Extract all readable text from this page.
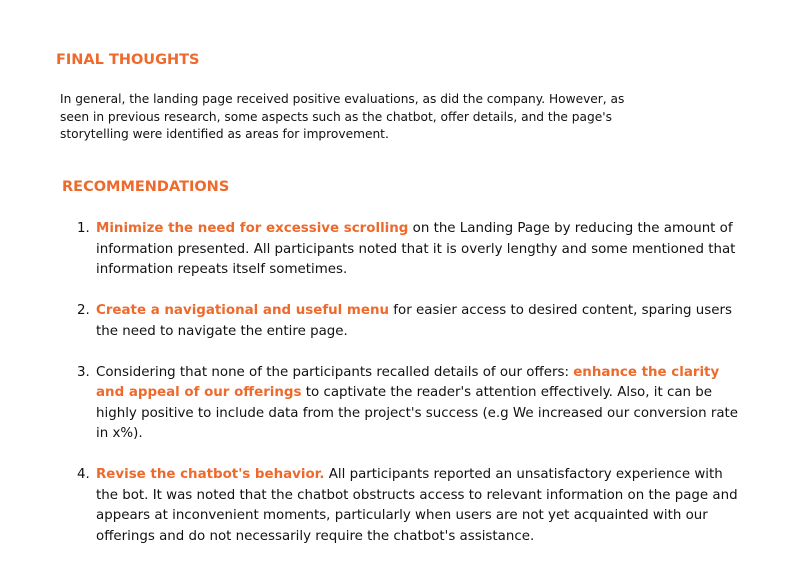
FINAL THOUGHTS

In general, the landing page received positive evaluations, as did the company. However, as seen in previous research, some aspects such as the chatbot, offer details, and the page's storytelling were identified as areas for improvement.

RECOMMENDATIONS
1. Minimize the need for excessive scrolling on the Landing Page by reducing the amount of information presented. All participants noted that it is overly lengthy and some mentioned that information repeats itself sometimes.
2. Create a navigational and useful menu for easier access to desired content, sparing users the need to navigate the entire page.
3. Considering that none of the participants recalled details of our offers: enhance the clarity and appeal of our offerings to captivate the reader's attention effectively. Also, it can be highly positive to include data from the project's success (e.g We increased our conversion rate in x%).
4. Revise the chatbot's behavior. All participants reported an unsatisfactory experience with the bot. It was noted that the chatbot obstructs access to relevant information on the page and appears at inconvenient moments, particularly when users are not yet acquainted with our offerings and do not necessarily require the chatbot's assistance.
